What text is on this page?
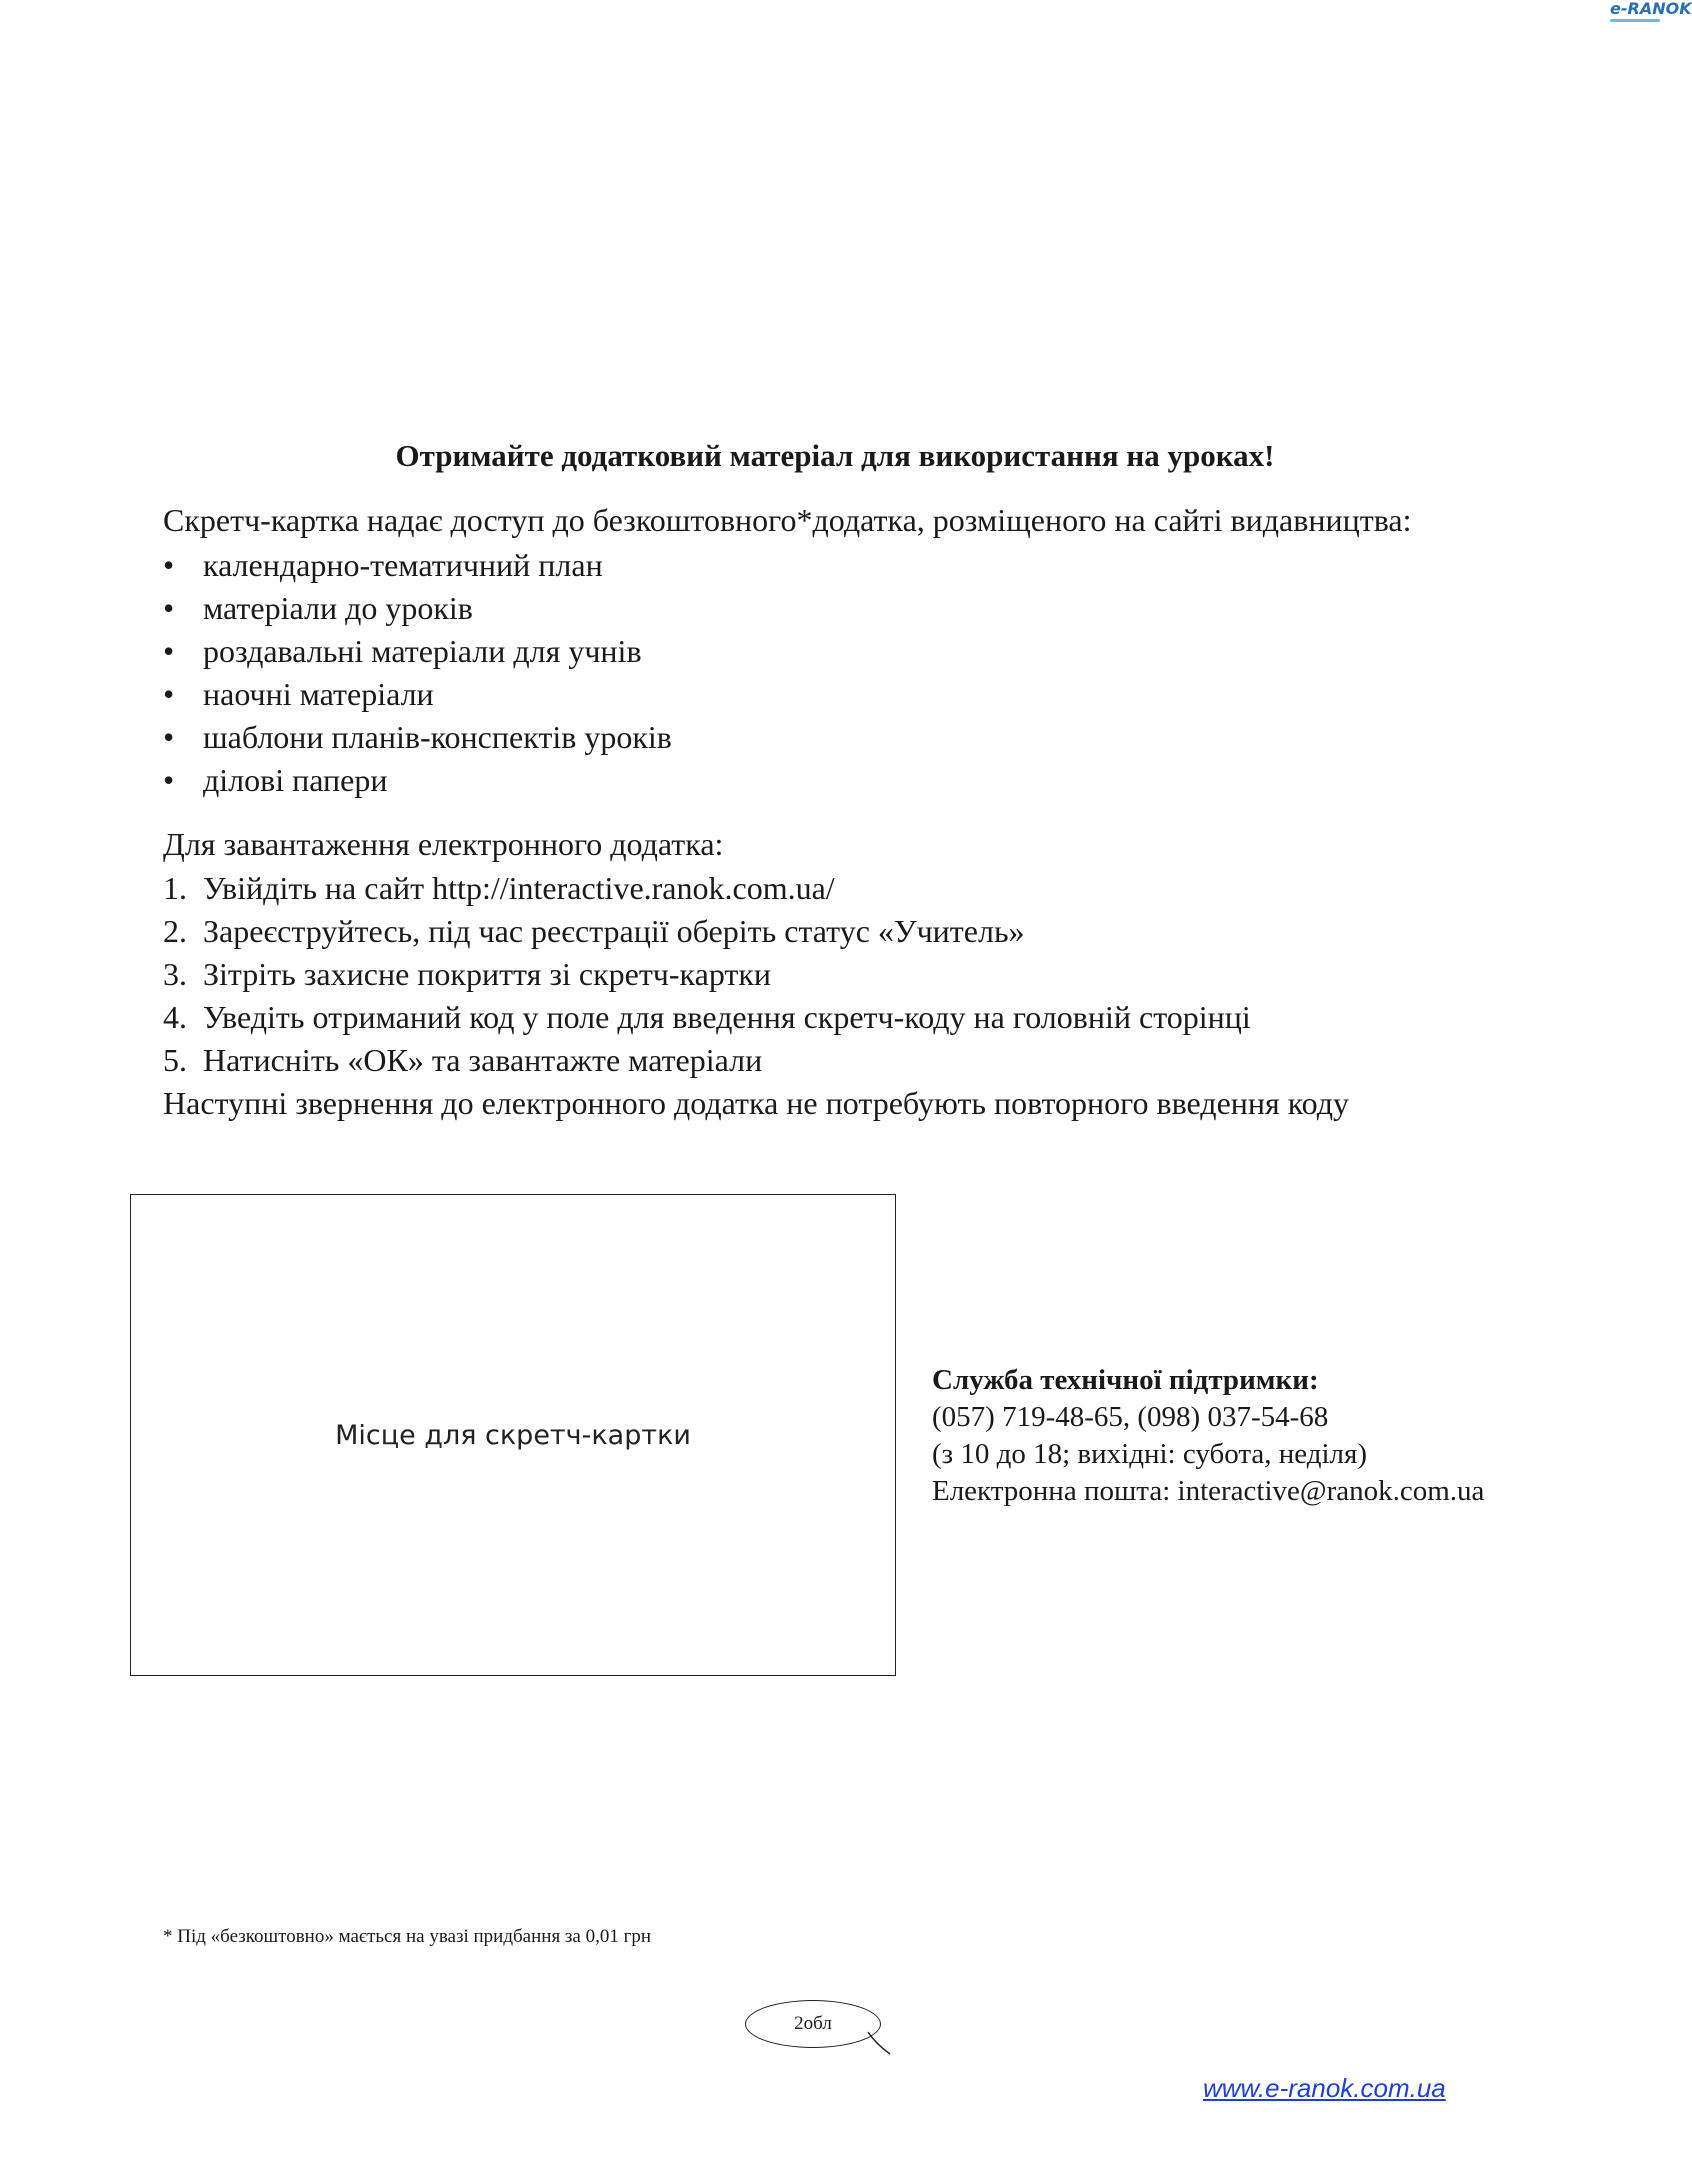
e-RANOK
Отримайте додатковий матеріал для використання на уроках!
Скретч-картка надає доступ до безкоштовного*додатка, розміщеного на сайті видавництва:
• календарно-тематичний план
• матеріали до уроків
• роздавальні матеріали для учнів
• наочні матеріали
• шаблони планів-конспектів уроків
• ділові папери
Для завантаження електронного додатка:
1. Увійдіть на сайт http://interactive.ranok.com.ua/
2. Зареєструйтесь, під час реєстрації оберіть статус «Учитель»
3. Зітріть захисне покриття зі скретч-картки
4. Уведіть отриманий код у поле для введення скретч-коду на головній сторінці
5. Натисніть «ОК» та завантажте матеріали
Наступні звернення до електронного додатка не потребують повторного введення коду
Місце для скретч-картки
Служба технічної підтримки:
(057) 719-48-65, (098) 037-54-68
(з 10 до 18; вихідні: субота, неділя)
Електронна пошта: interactive@ranok.com.ua
* Під «безкоштовно» мається на увазі придбання за 0,01 грн
2обл
www.e-ranok.com.ua
